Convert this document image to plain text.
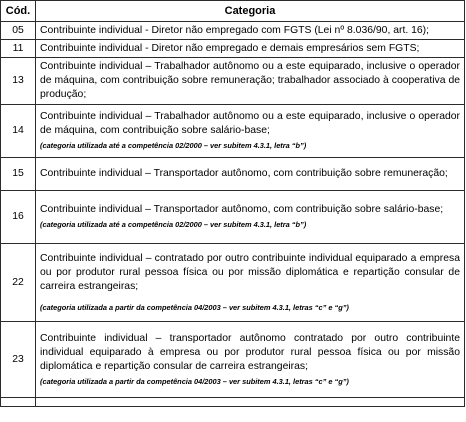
Cód.	Categoria
05	Contribuinte individual - Diretor não empregado com FGTS (Lei nº 8.036/90, art. 16);
11	Contribuinte individual - Diretor não empregado e demais empresários sem FGTS;
13	Contribuinte individual – Trabalhador autônomo ou a este equiparado, inclusive o operador de máquina, com contribuição sobre remuneração; trabalhador associado à cooperativa de produção;
14	Contribuinte individual – Trabalhador autônomo ou a este equiparado, inclusive o operador de máquina, com contribuição sobre salário-base;
(categoria utilizada até a competência 02/2000 – ver subitem 4.3.1, letra “b”)

15	Contribuinte individual – Transportador autônomo, com contribuição sobre remuneração;
16	Contribuinte individual – Transportador autônomo, com contribuição sobre salário-base;
(categoria utilizada até a competência 02/2000 – ver subitem 4.3.1, letra “b”)

22	Contribuinte individual – contratado por outro contribuinte individual equiparado a empresa ou por produtor rural pessoa física ou por missão diplomática e repartição consular de carreira estrangeiras;
(categoria utilizada a partir da competência 04/2003 – ver subitem 4.3.1, letras “c” e “g”)

23	Contribuinte individual – transportador autônomo contratado por outro contribuinte individual equiparado à empresa ou por produtor rural pessoa física ou por missão diplomática e repartição consular de carreira estrangeiras;
(categoria utilizada a partir da competência 04/2003 – ver subitem 4.3.1, letras “c” e “g”)
